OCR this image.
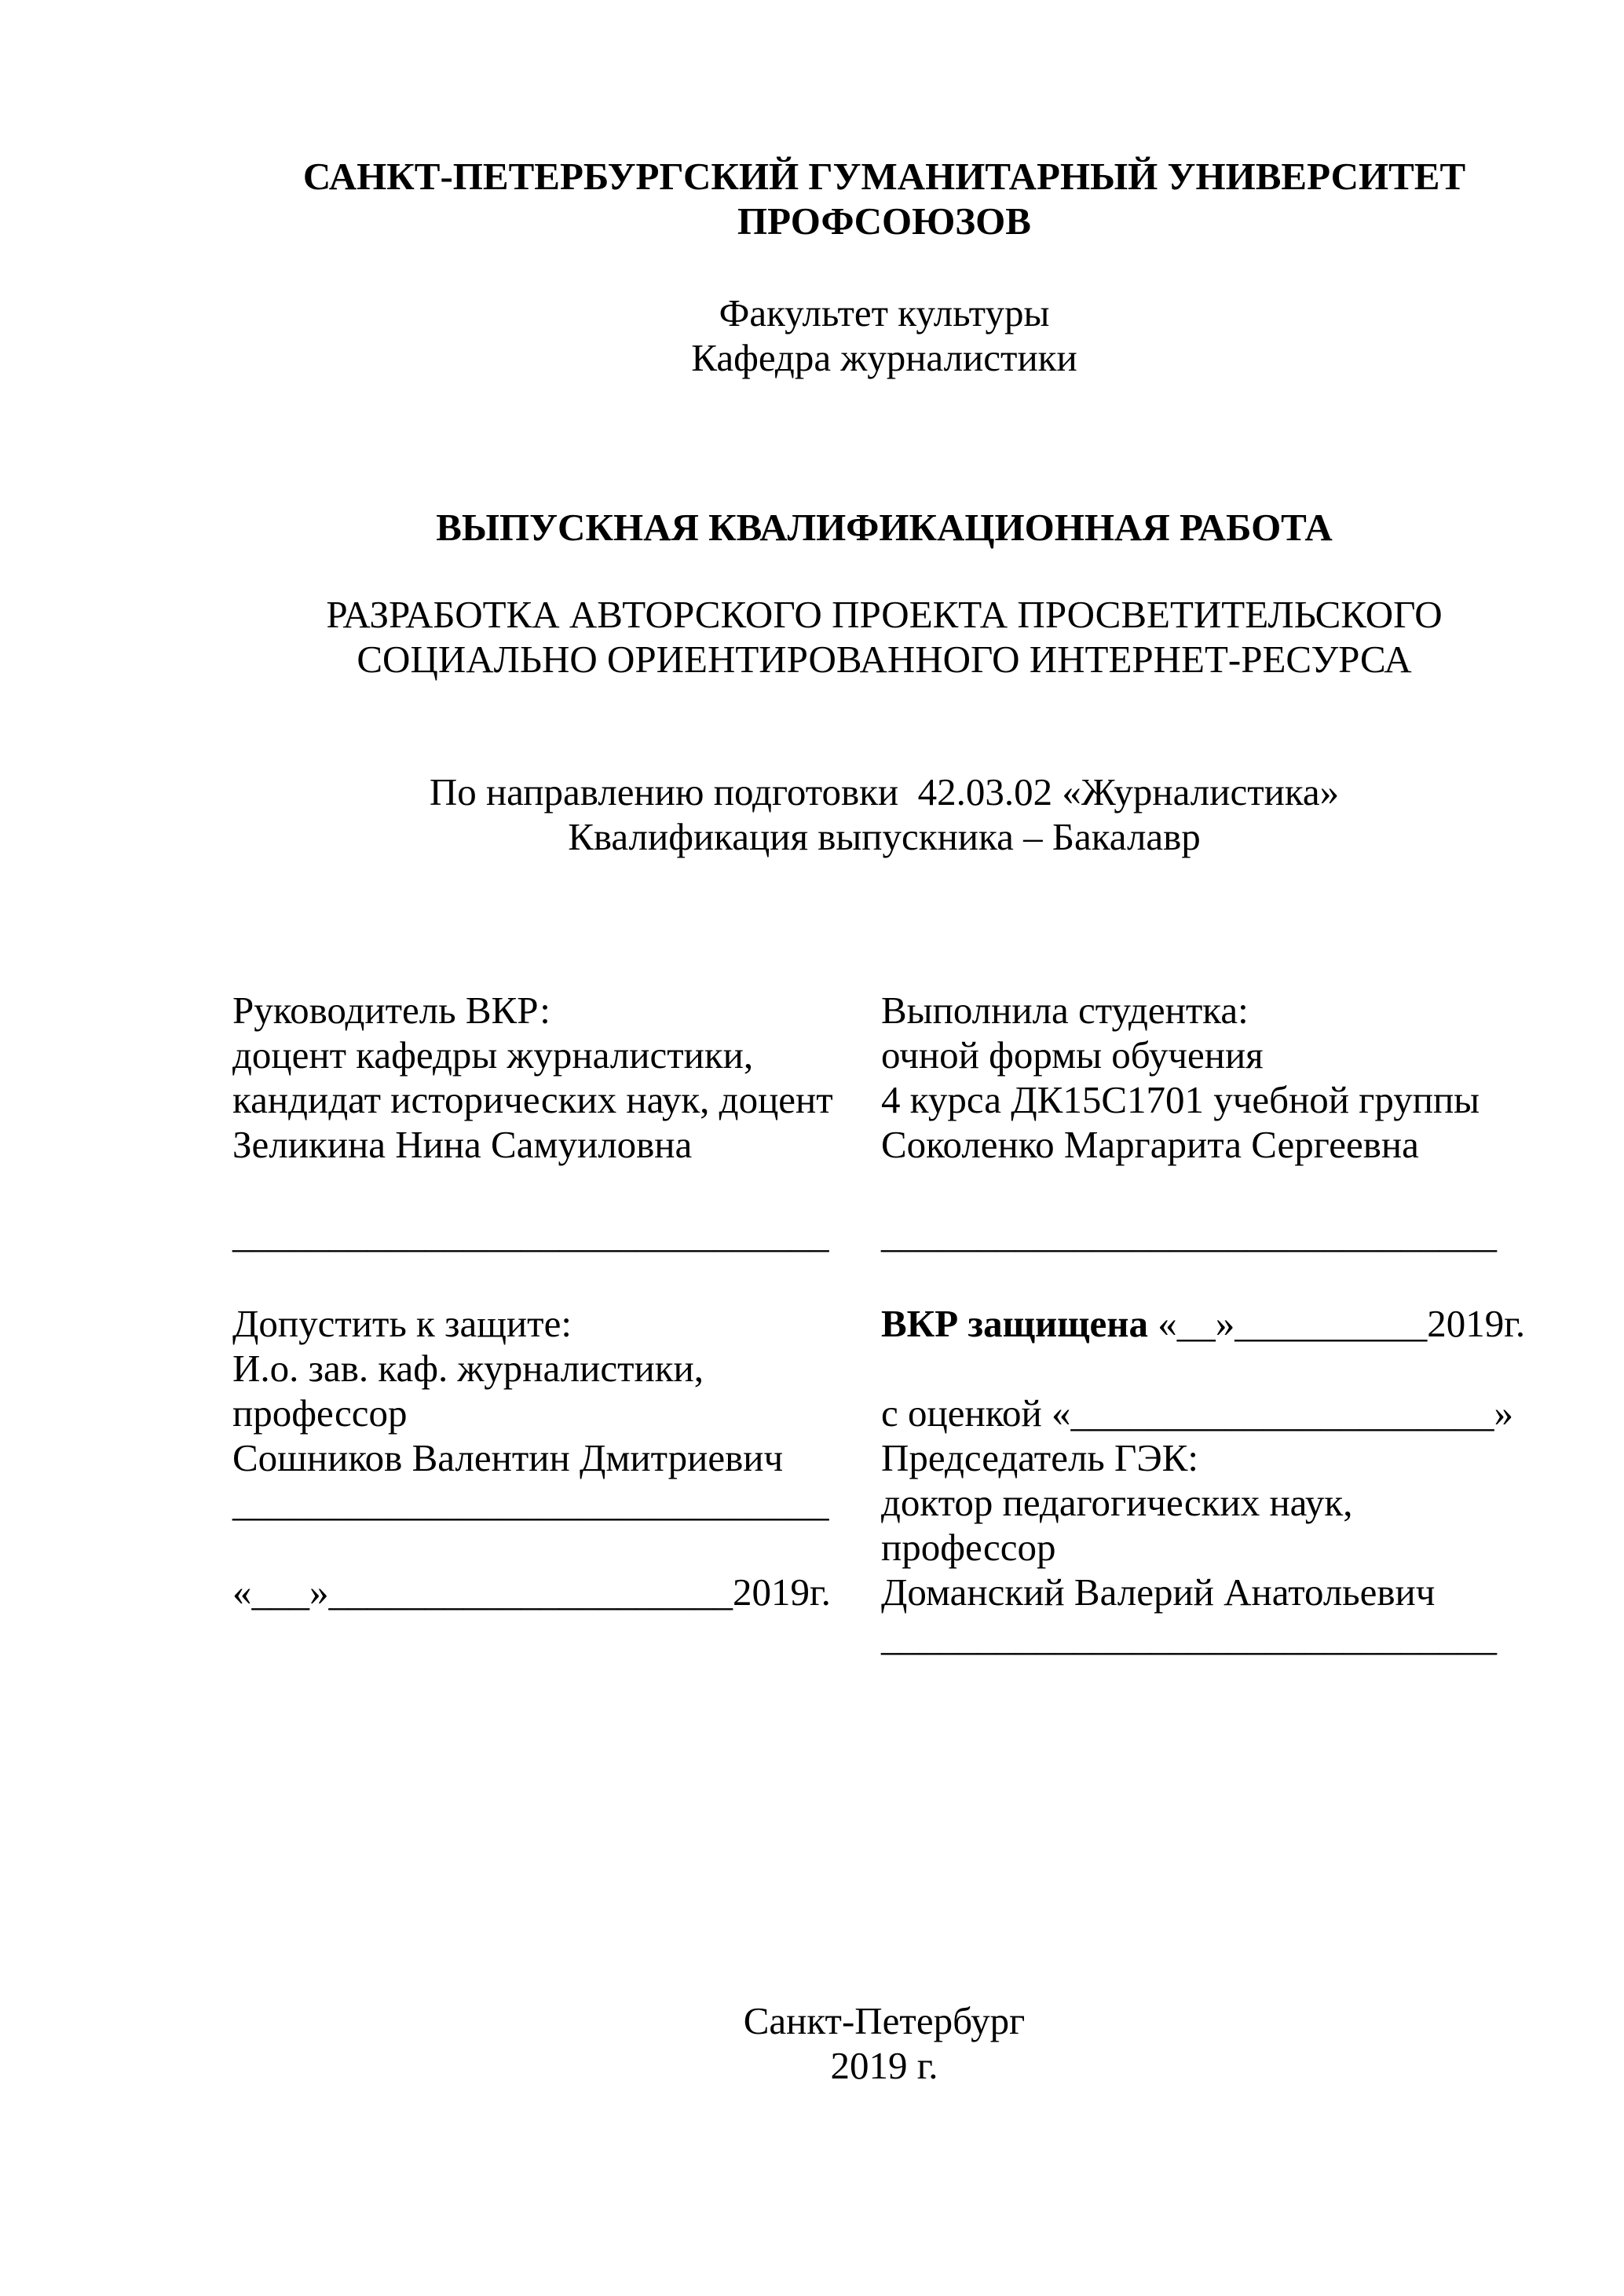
САНКТ-ПЕТЕРБУРГСКИЙ ГУМАНИТАРНЫЙ УНИВЕРСИТЕТ
ПРОФСОЮЗОВ
Факультет культуры
Кафедра журналистики
ВЫПУСКНАЯ КВАЛИФИКАЦИОННАЯ РАБОТА
РАЗРАБОТКА АВТОРСКОГО ПРОЕКТА ПРОСВЕТИТЕЛЬСКОГО
СОЦИАЛЬНО ОРИЕНТИРОВАННОГО ИНТЕРНЕТ-РЕСУРСА
По направлению подготовки  42.03.02 «Журналистика»
Квалификация выпускника – Бакалавр
Руководитель ВКР:
доцент кафедры журналистики,
кандидат исторических наук, доцент
Зеликина Нина Самуиловна
_______________________________
Допустить к защите:
И.о. зав. каф. журналистики,
профессор
Сошников Валентин Дмитриевич
_______________________________
«___»_____________________2019г.
Выполнила студентка:
очной формы обучения
4 курса ДК15С1701 учебной группы
Соколенко Маргарита Сергеевна
________________________________
ВКР защищена «__»__________2019г.
с оценкой «______________________»
Председатель ГЭК:
доктор педагогических наук,
профессор
Доманский Валерий Анатольевич
________________________________
Санкт-Петербург
2019 г.
